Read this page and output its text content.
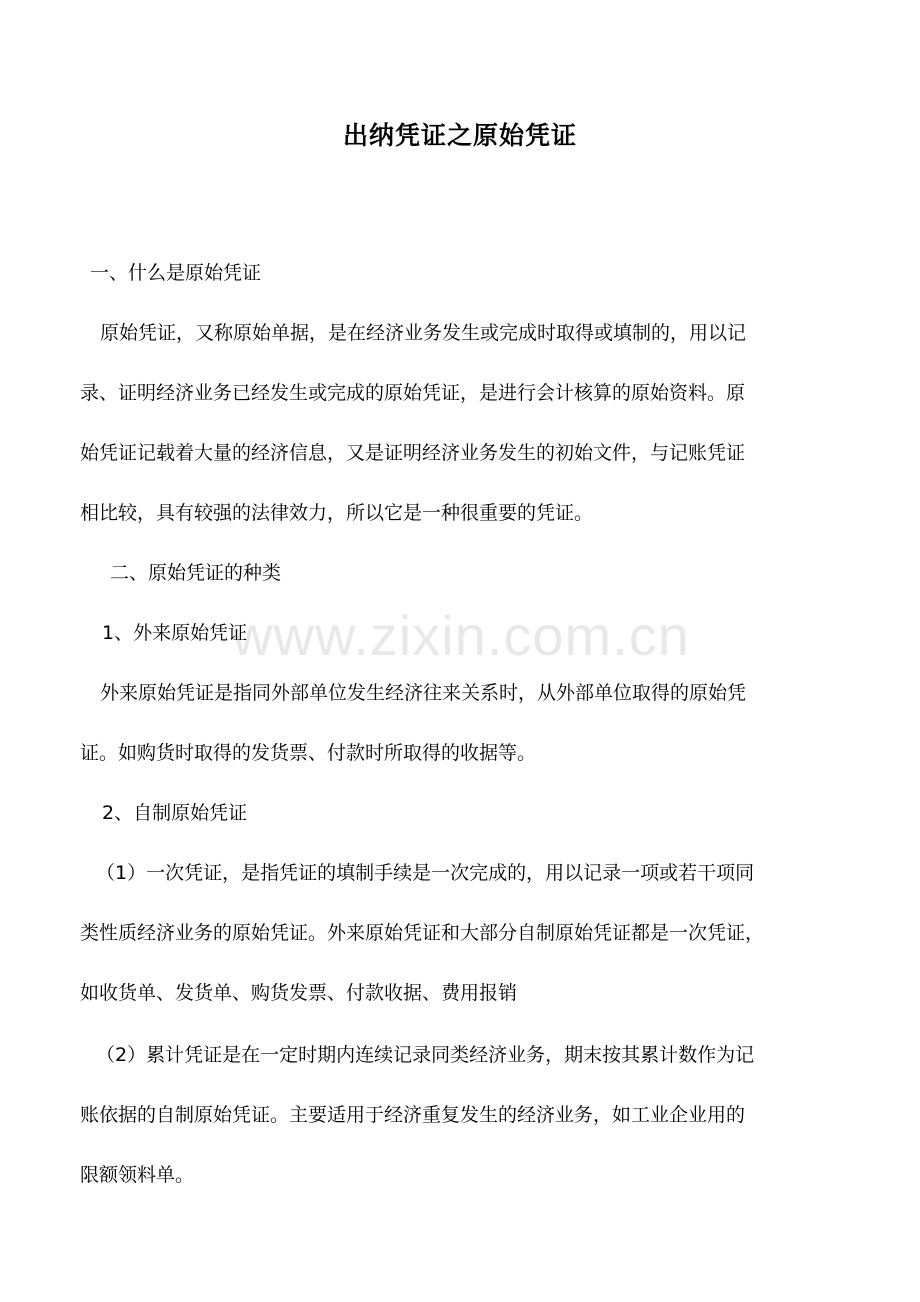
出纳凭证之原始凭证
www.zixin.com.cn
一、什么是原始凭证
原始凭证，又称原始单据，是在经济业务发生或完成时取得或填制的，用以记
录、证明经济业务已经发生或完成的原始凭证，是进行会计核算的原始资料。原
始凭证记载着大量的经济信息，又是证明经济业务发生的初始文件，与记账凭证
相比较，具有较强的法律效力，所以它是一种很重要的凭证。
二、原始凭证的种类
1、外来原始凭证
外来原始凭证是指同外部单位发生经济往来关系时，从外部单位取得的原始凭
证。如购货时取得的发货票、付款时所取得的收据等。
2、自制原始凭证
（1）一次凭证，是指凭证的填制手续是一次完成的，用以记录一项或若干项同
类性质经济业务的原始凭证。外来原始凭证和大部分自制原始凭证都是一次凭证，
如收货单、发货单、购货发票、付款收据、费用报销
（2）累计凭证是在一定时期内连续记录同类经济业务，期末按其累计数作为记
账依据的自制原始凭证。主要适用于经济重复发生的经济业务，如工业企业用的
限额领料单。
